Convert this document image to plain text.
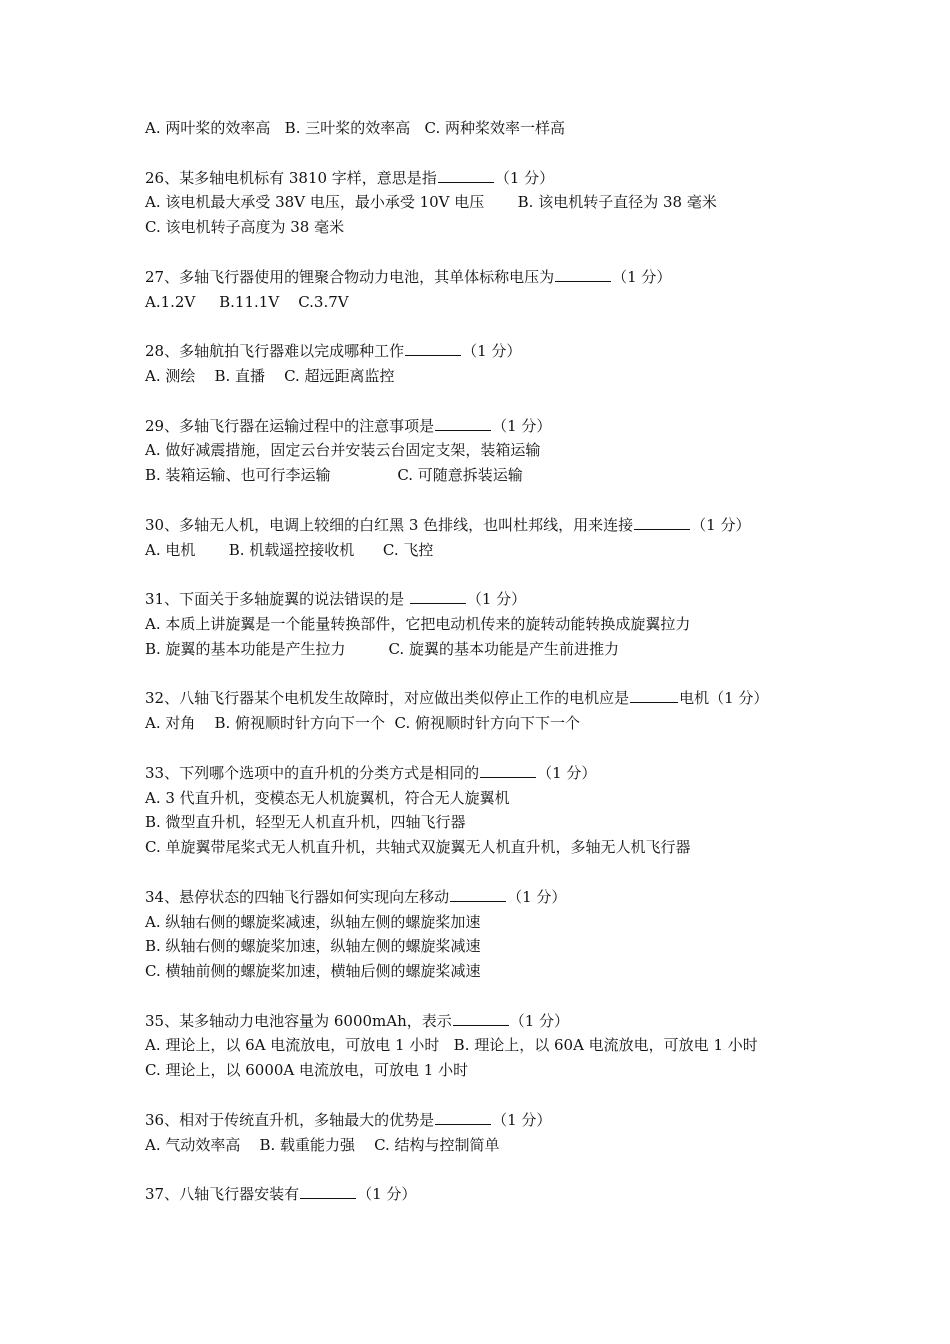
A. 两叶桨的效率高   B. 三叶桨的效率高   C. 两种桨效率一样高
26、某多轴电机标有 3810 字样，意思是指	（1 分）
A. 该电机最大承受 38V 电压，最小承受 10V 电压       B. 该电机转子直径为 38 毫米
C. 该电机转子高度为 38 毫米
27、多轴飞行器使用的锂聚合物动力电池，其单体标称电压为	（1 分）
A.1.2V     B.11.1V    C.3.7V
28、多轴航拍飞行器难以完成哪种工作	（1 分）
A. 测绘    B. 直播    C. 超远距离监控
29、多轴飞行器在运输过程中的注意事项是	（1 分）
A. 做好减震措施，固定云台并安装云台固定支架，装箱运输
B. 装箱运输、也可行李运输              C. 可随意拆装运输
30、多轴无人机，电调上较细的白红黑 3 色排线，也叫杜邦线，用来连接	（1 分）
A. 电机       B. 机载遥控接收机      C. 飞控
31、下面关于多轴旋翼的说法错误的是	（1 分）
A. 本质上讲旋翼是一个能量转换部件，它把电动机传来的旋转动能转换成旋翼拉力
B. 旋翼的基本功能是产生拉力         C. 旋翼的基本功能是产生前进推力
32、八轴飞行器某个电机发生故障时，对应做出类似停止工作的电机应是	电机（1 分）
A. 对角    B. 俯视顺时针方向下一个  C. 俯视顺时针方向下下一个
33、下列哪个选项中的直升机的分类方式是相同的	（1 分）
A. 3 代直升机，变模态无人机旋翼机，符合无人旋翼机
B. 微型直升机，轻型无人机直升机，四轴飞行器
C. 单旋翼带尾桨式无人机直升机，共轴式双旋翼无人机直升机，多轴无人机飞行器
34、悬停状态的四轴飞行器如何实现向左移动	（1 分）
A. 纵轴右侧的螺旋桨减速，纵轴左侧的螺旋桨加速
B. 纵轴右侧的螺旋桨加速，纵轴左侧的螺旋桨减速
C. 横轴前侧的螺旋桨加速，横轴后侧的螺旋桨减速
35、某多轴动力电池容量为 6000mAh，表示	（1 分）
A. 理论上，以 6A 电流放电，可放电 1 小时   B. 理论上，以 60A 电流放电，可放电 1 小时
C. 理论上，以 6000A 电流放电，可放电 1 小时
36、相对于传统直升机，多轴最大的优势是	（1 分）
A. 气动效率高    B. 载重能力强    C. 结构与控制简单
37、八轴飞行器安装有	（1 分）
